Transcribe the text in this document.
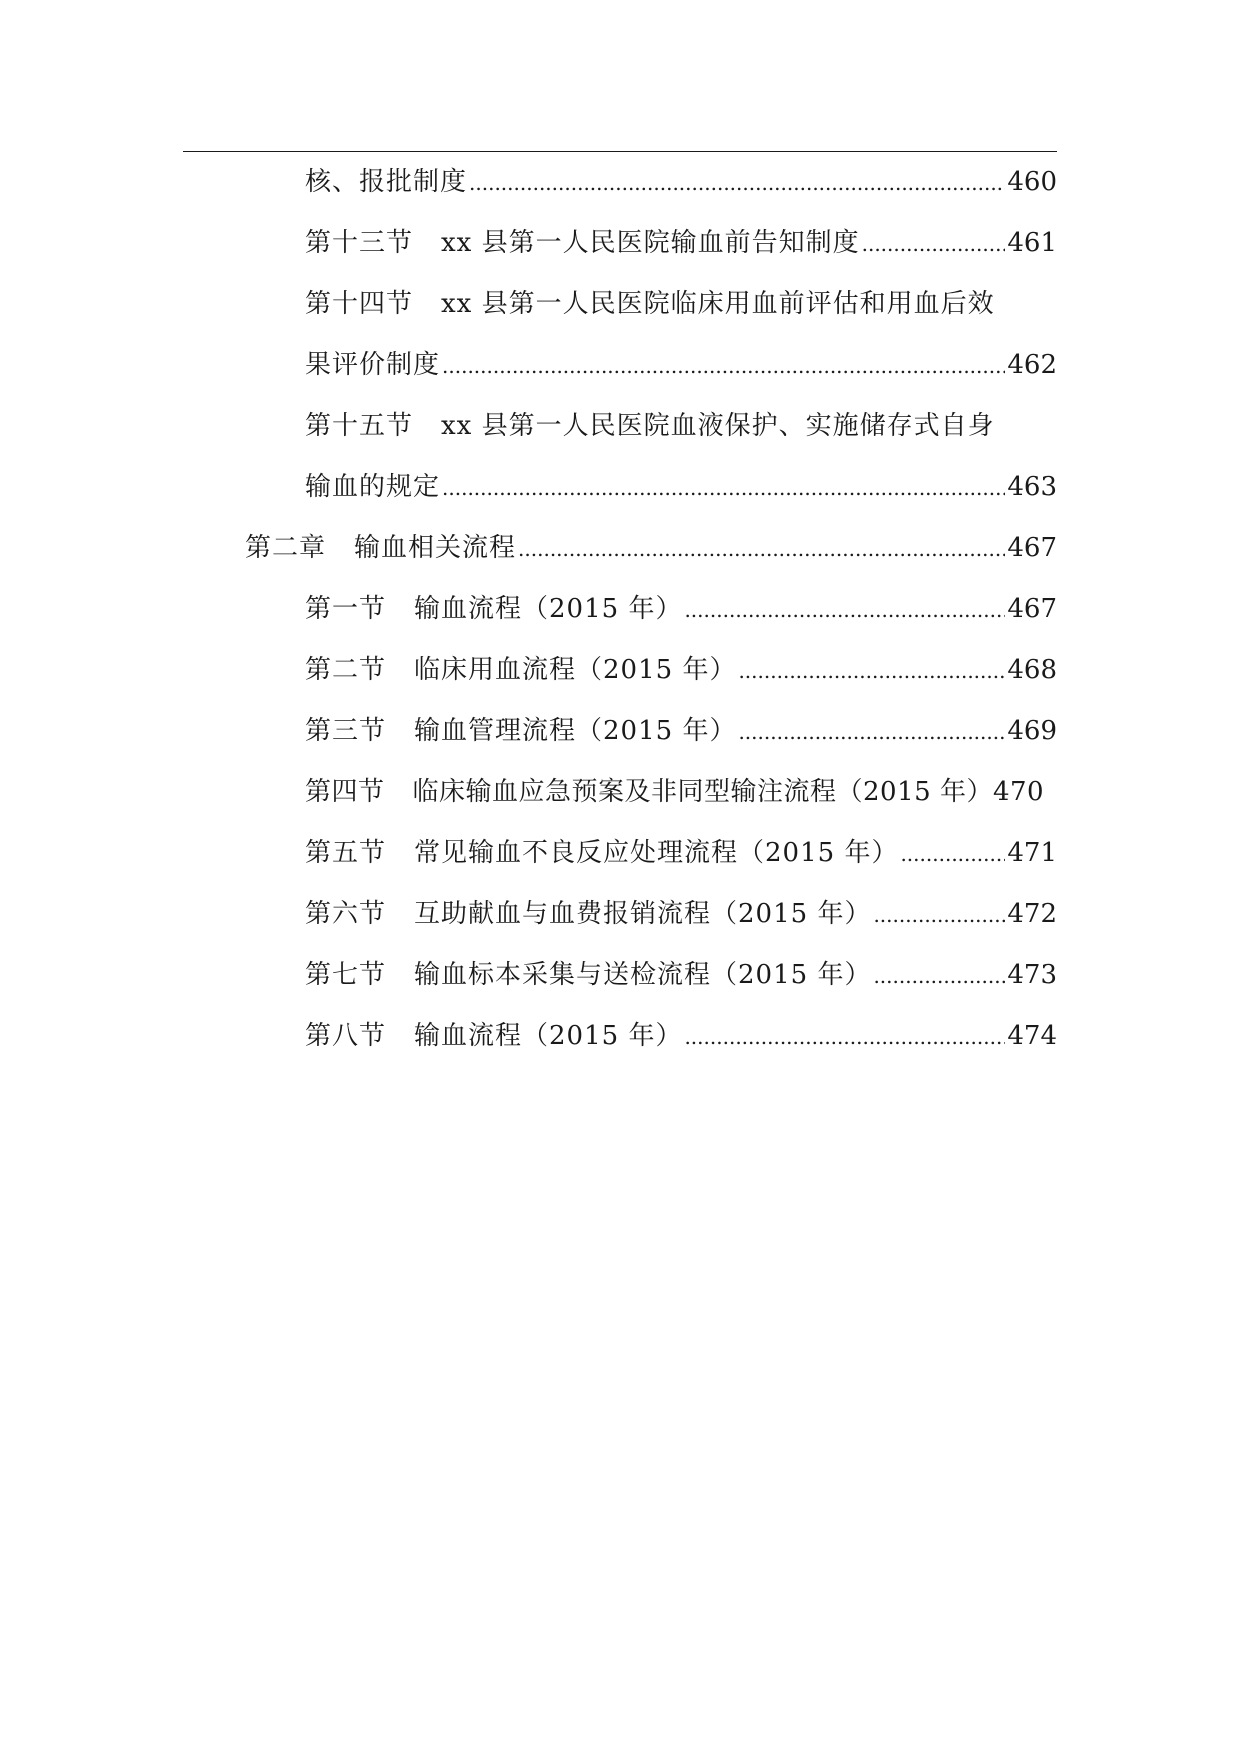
核、报批制度 .....	460
第十三节 xx 县第一人民医院输血前告知制度 .....	461
第十四节 xx 县第一人民医院临床用血前评估和用血后效
果评价制度 .....	462
第十五节 xx 县第一人民医院血液保护、实施储存式自身
输血的规定 .....	463
第二章 输血相关流程 .....	467
第一节 输血流程（2015 年） .....	467
第二节 临床用血流程（2015 年） .....	468
第三节 输血管理流程（2015 年） .....	469
第四节 临床输血应急预案及非同型输注流程（2015 年）470
第五节 常见输血不良反应处理流程（2015 年） .....	471
第六节 互助献血与血费报销流程（2015 年） .....	472
第七节 输血标本采集与送检流程（2015 年） .....	473
第八节 输血流程（2015 年） .....	474
